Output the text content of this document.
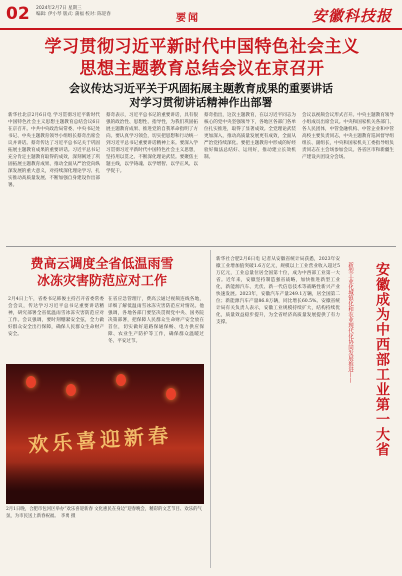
02 2024年2月7日 星期三
编辑: 伊小琴 版式: 蒲福 校对: 陈迎春	要闻	安徽科技报
学习贯彻习近平新时代中国特色社会主义
思想主题教育总结会议在京召开
会议传达习近平关于巩固拓展主题教育成果的重要讲话
对学习贯彻讲话精神作出部署
新华社北京2月6日电 学习贯彻习近平新时代中国特色社会主义思想主题教育总结会议6日在京召开。中共中央政治局常委、中央书记处书记、中央主题教育领导小组组长蔡奇出席会议并讲话。蔡奇传达了习近平总书记关于巩固拓展主题教育成果的重要讲话。习近平总书记充分肯定主题教育取得的成效，深刻阐述了巩固拓展主题教育成果、推动全面从严治党向纵深发展的重大意义，对持续深化理论学习、扎实推动高质量发展、不断加强自身建设作出部署。
蔡奇表示，习近平总书记的重要讲话，具有很强的政治性、思想性、指导性，为我们巩固拓展主题教育成果、推进党的自我革命指明了方向。要认真学习领会，切实把思想和行动统一到习近平总书记重要讲话精神上来。要深入学习贯彻习近平新时代中国特色社会主义思想，坚持用以贯之、不断深化理论武装。要聚焦主题主线，以学铸魂、以学增智、以学正风、以学促干。
蔡奇指出，这次主题教育，在以习近平同志为核心的党中央坚强领导下，各地区各部门各单位扎实推进，取得了显著成效。全党理论武装更加深入，推动高质量发展更有成效，全面从严治党持续深化。要把主题教育中形成的好经验好做法总结好、运用好，推动建立长效机制。
会议以视频会议形式召开。中央主题教育领导小组成员出席会议。中央和国家机关各部门、各人民团体，中管金融机构、中管企业和中管高校主要负责同志，中央主题教育巡回督导组组长、副组长，中央和国家机关工委指导组负责同志在主会场参加会议。各省区市和新疆生产建设兵团设分会场。
费高云调度全省低温雨雪
冰冻灾害防范应对工作
2月4日上午，省委书记韩俊主持召开省委常委会会议，传达学习习近平总书记重要讲话精神，研究部署全省低温雨雪冰冻灾害防范应对工作。会议强调，要时刻绷紧安全弦，全力做好群众安全出行保障，确保人民群众生命财产安全。
在省应急管理厅，费高云通过视频连线各地，详细了解低温雨雪冰冻灾害防范应对情况。他强调，各地各部门要坚决贯彻党中央、国务院决策部署，把保障人民群众生命财产安全放在首位，切实做好道路保通保畅、电力供应保障、农业生产防护等工作，确保群众温暖过冬、平安过节。
欢乐喜迎新春
2月1日晚，合肥市包河区举办“欢乐喜迎新春 文化惠民在身边”迎春晚会，精彩的文艺节目、欢乐的气氛，为市民送上新春祝福。　李勇 摄
新华社合肥2月6日电 记者从安徽省统计局获悉，2023年安徽工业增加值突破1.6万亿元，规模以上工业营业收入超过5万亿元，工业总量位居全国第十位，成为中西部工业第一大省。近年来，安徽坚持制造强省战略，加快推进新型工业化，新能源汽车、光伏、新一代信息技术等战略性新兴产业快速发展。2023年，安徽汽车产量249.1万辆，居全国第二位；新能源汽车产量86.8万辆，同比增长60.5%。安徽省统计局有关负责人表示，安徽工业规模持续扩大，结构持续优化，质量效益稳步提升，为全省经济高质量发展提供了有力支撑。	新型工业化城镇化和农业现代化协同发展推进——	安徽成为中西部工业第一大省
